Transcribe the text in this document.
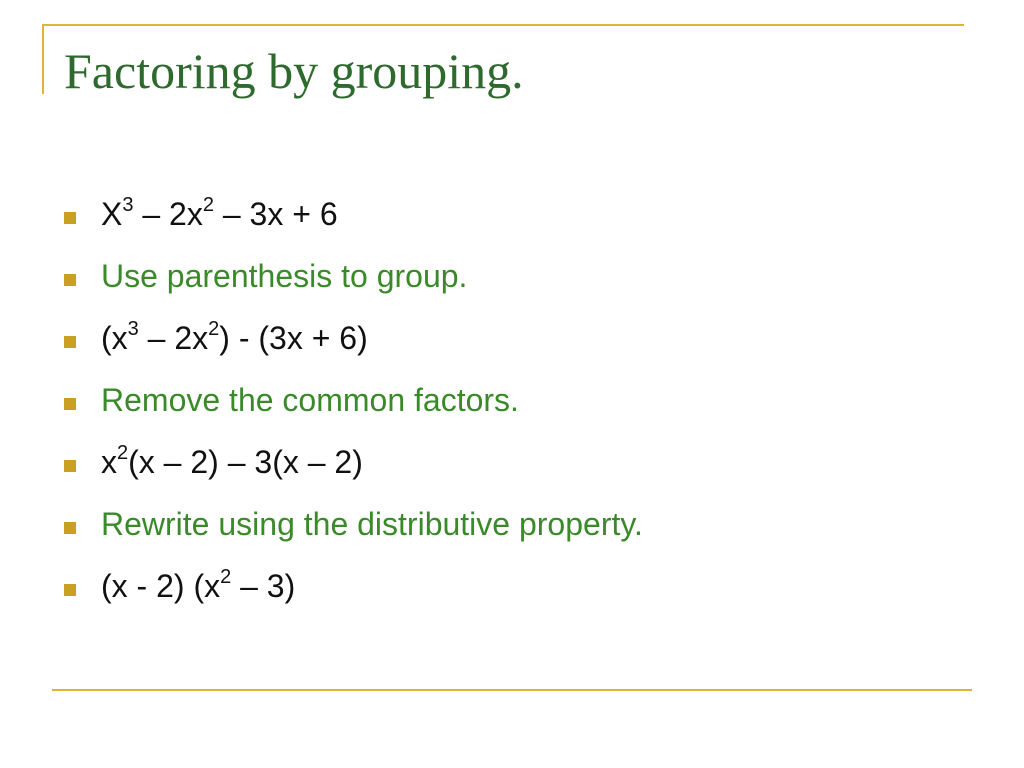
Factoring by grouping.
$X^3 - 2x^2 - 3x + 6$
Use parenthesis to group.
$(x^3 - 2x^2) - (3x + 6)$
Remove the common factors.
$x^2(x - 2) - 3(x - 2)$
Rewrite using the distributive property.
(x - 2) $(x^2 - 3)$
